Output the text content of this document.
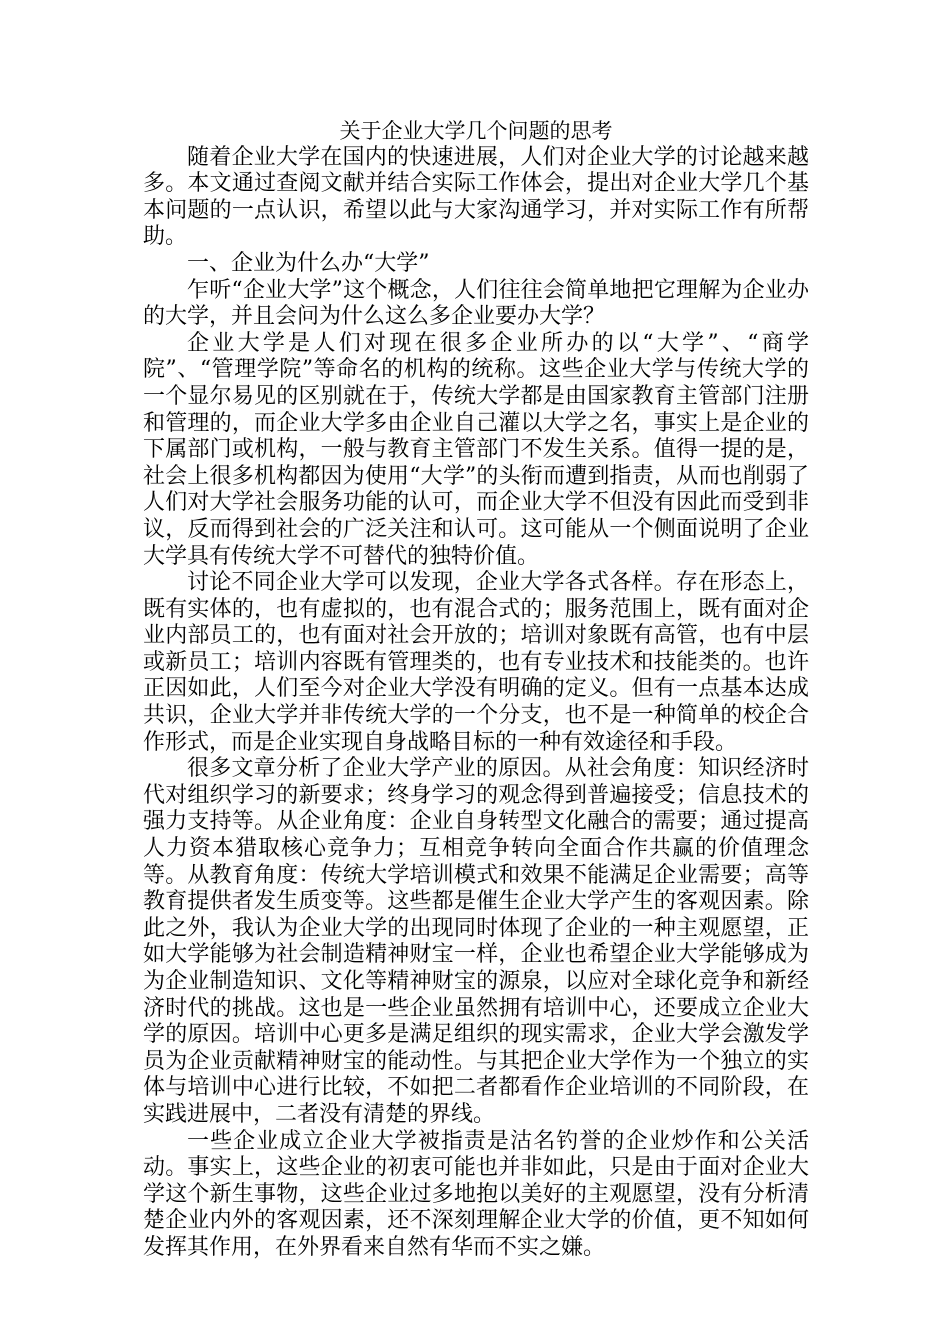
关于企业大学几个问题的思考

随着企业大学在国内的快速进展，人们对企业大学的讨论越来越多。本文通过查阅文献并结合实际工作体会，提出对企业大学几个基本问题的一点认识，希望以此与大家沟通学习，并对实际工作有所帮助。

一、企业为什么办“大学”

乍听“企业大学”这个概念，人们往往会简单地把它理解为企业办的大学，并且会问为什么这么多企业要办大学？

企业大学是人们对现在很多企业所办的以“大学”、“商学院”、“管理学院”等命名的机构的统称。这些企业大学与传统大学的一个显尔易见的区别就在于，传统大学都是由国家教育主管部门注册和管理的，而企业大学多由企业自己灌以大学之名，事实上是企业的下属部门或机构，一般与教育主管部门不发生关系。值得一提的是，社会上很多机构都因为使用“大学”的头衔而遭到指责，从而也削弱了人们对大学社会服务功能的认可，而企业大学不但没有因此而受到非议，反而得到社会的广泛关注和认可。这可能从一个侧面说明了企业大学具有传统大学不可替代的独特价值。

讨论不同企业大学可以发现，企业大学各式各样。存在形态上，既有实体的，也有虚拟的，也有混合式的；服务范围上，既有面对企业内部员工的，也有面对社会开放的；培训对象既有高管，也有中层或新员工；培训内容既有管理类的，也有专业技术和技能类的。也许正因如此，人们至今对企业大学没有明确的定义。但有一点基本达成共识，企业大学并非传统大学的一个分支，也不是一种简单的校企合作形式，而是企业实现自身战略目标的一种有效途径和手段。

很多文章分析了企业大学产业的原因。从社会角度：知识经济时代对组织学习的新要求；终身学习的观念得到普遍接受；信息技术的强力支持等。从企业角度：企业自身转型文化融合的需要；通过提高人力资本猎取核心竞争力；互相竞争转向全面合作共赢的价值理念等。从教育角度：传统大学培训模式和效果不能满足企业需要；高等教育提供者发生质变等。这些都是催生企业大学产生的客观因素。除此之外，我认为企业大学的出现同时体现了企业的一种主观愿望，正如大学能够为社会制造精神财宝一样，企业也希望企业大学能够成为为企业制造知识、文化等精神财宝的源泉，以应对全球化竞争和新经济时代的挑战。这也是一些企业虽然拥有培训中心，还要成立企业大学的原因。培训中心更多是满足组织的现实需求，企业大学会激发学员为企业贡献精神财宝的能动性。与其把企业大学作为一个独立的实体与培训中心进行比较，不如把二者都看作企业培训的不同阶段，在实践进展中，二者没有清楚的界线。

一些企业成立企业大学被指责是沽名钓誉的企业炒作和公关活动。事实上，这些企业的初衷可能也并非如此，只是由于面对企业大学这个新生事物，这些企业过多地抱以美好的主观愿望，没有分析清楚企业内外的客观因素，还不深刻理解企业大学的价值，更不知如何发挥其作用，在外界看来自然有华而不实之嫌。
